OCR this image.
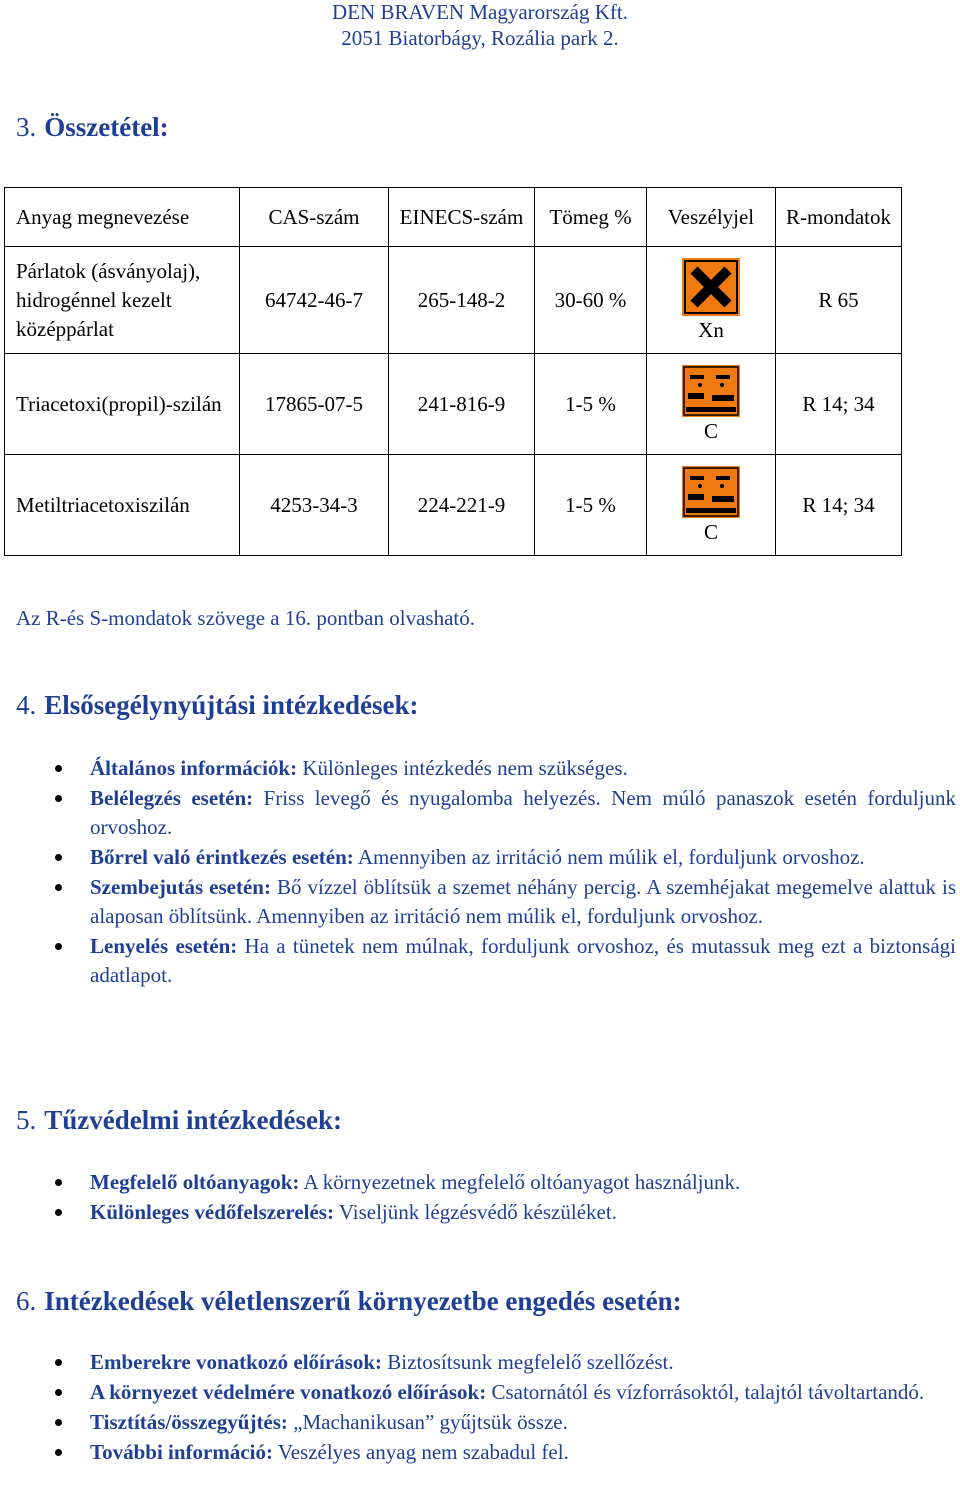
DEN BRAVEN Magyarország Kft.
2051 Biatorbágy, Rozália park 2.
3. Összetétel:
Anyag megnevezése	CAS-szám	EINECS-szám	Tömeg %	Veszélyjel	R-mondatok
Párlatok (ásványolaj), hidrogénnel kezelt középpárlat	64742-46-7	265-148-2	30-60 %	Xn	R 65
Triacetoxi(propil)-szilán	17865-07-5	241-816-9	1-5 %	C	R 14; 34
Metiltriacetoxiszilán	4253-34-3	224-221-9	1-5 %	C	R 14; 34
Az R-és S-mondatok szövege a 16. pontban olvasható.
4. Elsősegélynyújtási intézkedések:
Általános információk: Különleges intézkedés nem szükséges.
Belélegzés esetén: Friss levegő és nyugalomba helyezés. Nem múló panaszok esetén forduljunk orvoshoz.
Bőrrel való érintkezés esetén: Amennyiben az irritáció nem múlik el, forduljunk orvoshoz.
Szembejutás esetén: Bő vízzel öblítsük a szemet néhány percig. A szemhéjakat megemelve alattuk is alaposan öblítsünk. Amennyiben az irritáció nem múlik el, forduljunk orvoshoz.
Lenyelés esetén: Ha a tünetek nem múlnak, forduljunk orvoshoz, és mutassuk meg ezt a biztonsági adatlapot.
5. Tűzvédelmi intézkedések:
Megfelelő oltóanyagok: A környezetnek megfelelő oltóanyagot használjunk.
Különleges védőfelszerelés: Viseljünk légzésvédő készüléket.
6. Intézkedések véletlenszerű környezetbe engedés esetén:
Emberekre vonatkozó előírások: Biztosítsunk megfelelő szellőzést.
A környezet védelmére vonatkozó előírások: Csatornától és vízforrásoktól, talajtól távoltartandó.
Tisztítás/összegyűjtés: „Machanikusan” gyűjtsük össze.
További információ: Veszélyes anyag nem szabadul fel.
